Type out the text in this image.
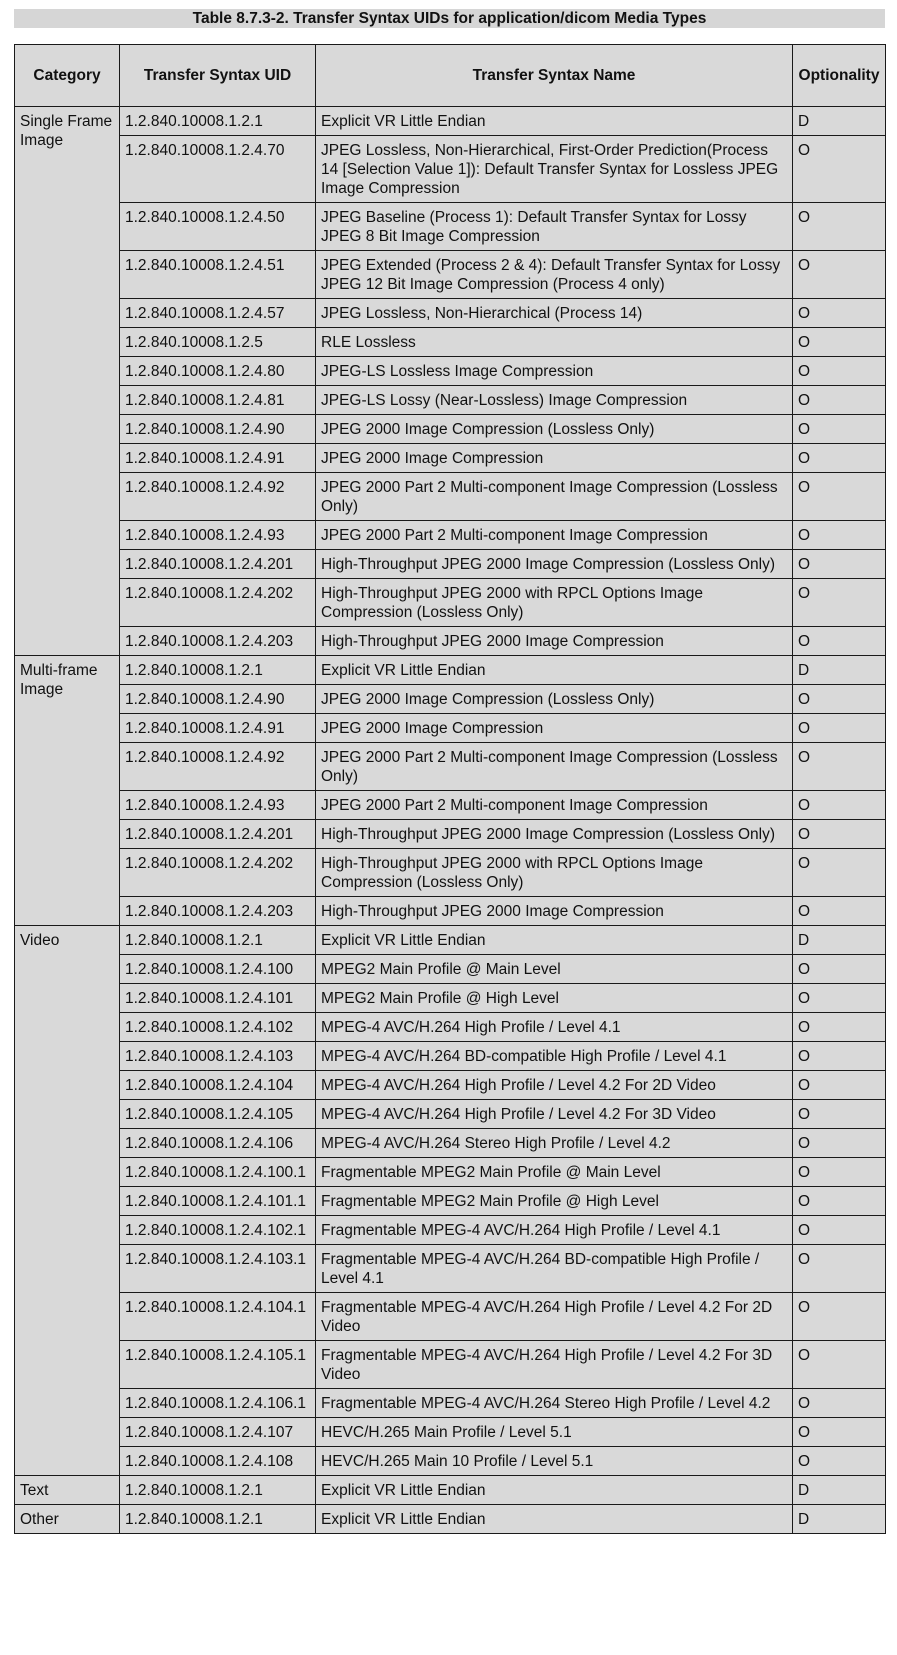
Table 8.7.3-2. Transfer Syntax UIDs for application/dicom Media Types
Category	Transfer Syntax UID	Transfer Syntax Name	Optionality
Single Frame Image	1.2.840.10008.1.2.1	Explicit VR Little Endian	D
	1.2.840.10008.1.2.4.70	JPEG Lossless, Non-Hierarchical, First-Order Prediction(Process 14 [Selection Value 1]): Default Transfer Syntax for Lossless JPEG Image Compression	O
	1.2.840.10008.1.2.4.50	JPEG Baseline (Process 1): Default Transfer Syntax for Lossy JPEG 8 Bit Image Compression	O
	1.2.840.10008.1.2.4.51	JPEG Extended (Process 2 & 4): Default Transfer Syntax for Lossy JPEG 12 Bit Image Compression (Process 4 only)	O
	1.2.840.10008.1.2.4.57	JPEG Lossless, Non-Hierarchical (Process 14)	O
	1.2.840.10008.1.2.5	RLE Lossless	O
	1.2.840.10008.1.2.4.80	JPEG-LS Lossless Image Compression	O
	1.2.840.10008.1.2.4.81	JPEG-LS Lossy (Near-Lossless) Image Compression	O
	1.2.840.10008.1.2.4.90	JPEG 2000 Image Compression (Lossless Only)	O
	1.2.840.10008.1.2.4.91	JPEG 2000 Image Compression	O
	1.2.840.10008.1.2.4.92	JPEG 2000 Part 2 Multi-component Image Compression (Lossless Only)	O
	1.2.840.10008.1.2.4.93	JPEG 2000 Part 2 Multi-component Image Compression	O
	1.2.840.10008.1.2.4.201	High-Throughput JPEG 2000 Image Compression (Lossless Only)	O
	1.2.840.10008.1.2.4.202	High-Throughput JPEG 2000 with RPCL Options Image Compression (Lossless Only)	O
	1.2.840.10008.1.2.4.203	High-Throughput JPEG 2000 Image Compression	O
Multi-frame Image	1.2.840.10008.1.2.1	Explicit VR Little Endian	D
	1.2.840.10008.1.2.4.90	JPEG 2000 Image Compression (Lossless Only)	O
	1.2.840.10008.1.2.4.91	JPEG 2000 Image Compression	O
	1.2.840.10008.1.2.4.92	JPEG 2000 Part 2 Multi-component Image Compression (Lossless Only)	O
	1.2.840.10008.1.2.4.93	JPEG 2000 Part 2 Multi-component Image Compression	O
	1.2.840.10008.1.2.4.201	High-Throughput JPEG 2000 Image Compression (Lossless Only)	O
	1.2.840.10008.1.2.4.202	High-Throughput JPEG 2000 with RPCL Options Image Compression (Lossless Only)	O
	1.2.840.10008.1.2.4.203	High-Throughput JPEG 2000 Image Compression	O
Video	1.2.840.10008.1.2.1	Explicit VR Little Endian	D
	1.2.840.10008.1.2.4.100	MPEG2 Main Profile @ Main Level	O
	1.2.840.10008.1.2.4.101	MPEG2 Main Profile @ High Level	O
	1.2.840.10008.1.2.4.102	MPEG-4 AVC/H.264 High Profile / Level 4.1	O
	1.2.840.10008.1.2.4.103	MPEG-4 AVC/H.264 BD-compatible High Profile / Level 4.1	O
	1.2.840.10008.1.2.4.104	MPEG-4 AVC/H.264 High Profile / Level 4.2 For 2D Video	O
	1.2.840.10008.1.2.4.105	MPEG-4 AVC/H.264 High Profile / Level 4.2 For 3D Video	O
	1.2.840.10008.1.2.4.106	MPEG-4 AVC/H.264 Stereo High Profile / Level 4.2	O
	1.2.840.10008.1.2.4.100.1	Fragmentable MPEG2 Main Profile @ Main Level	O
	1.2.840.10008.1.2.4.101.1	Fragmentable MPEG2 Main Profile @ High Level	O
	1.2.840.10008.1.2.4.102.1	Fragmentable MPEG-4 AVC/H.264 High Profile / Level 4.1	O
	1.2.840.10008.1.2.4.103.1	Fragmentable MPEG-4 AVC/H.264 BD-compatible High Profile / Level 4.1	O
	1.2.840.10008.1.2.4.104.1	Fragmentable MPEG-4 AVC/H.264 High Profile / Level 4.2 For 2D Video	O
	1.2.840.10008.1.2.4.105.1	Fragmentable MPEG-4 AVC/H.264 High Profile / Level 4.2 For 3D Video	O
	1.2.840.10008.1.2.4.106.1	Fragmentable MPEG-4 AVC/H.264 Stereo High Profile / Level 4.2	O
	1.2.840.10008.1.2.4.107	HEVC/H.265 Main Profile / Level 5.1	O
	1.2.840.10008.1.2.4.108	HEVC/H.265 Main 10 Profile / Level 5.1	O
Text	1.2.840.10008.1.2.1	Explicit VR Little Endian	D
Other	1.2.840.10008.1.2.1	Explicit VR Little Endian	D
